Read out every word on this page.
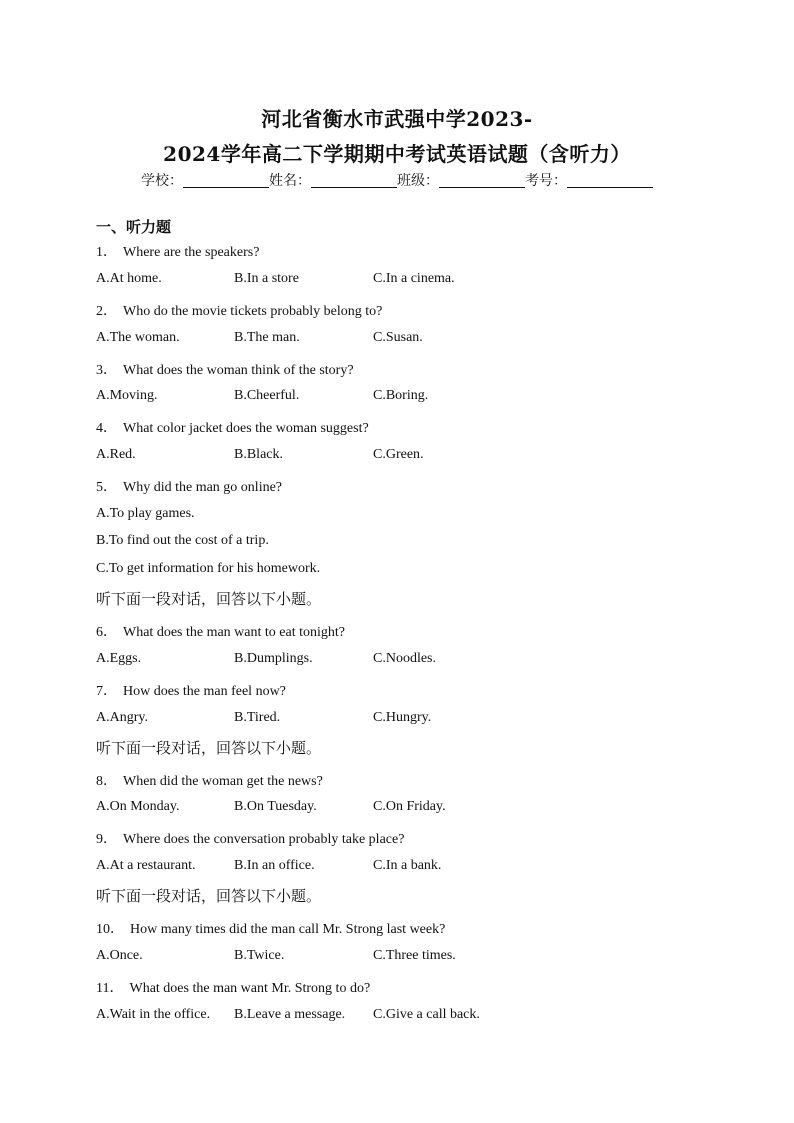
河北省衡水市武强中学2023-
2024学年高二下学期期中考试英语试题（含听力）
学校：	姓名：	班级：	考号：
一、听力题
1． Where are the speakers?
A.At home.	B.In a store	C.In a cinema.
2． Who do the movie tickets probably belong to?
A.The woman.	B.The man.	C.Susan.
3． What does the woman think of the story?
A.Moving.	B.Cheerful.	C.Boring.
4． What color jacket does the woman suggest?
A.Red.	B.Black.	C.Green.
5． Why did the man go online?
A.To play games.
B.To find out the cost of a trip.
C.To get information for his homework.
听下面一段对话，回答以下小题。
6． What does the man want to eat tonight?
A.Eggs.	B.Dumplings.	C.Noodles.
7． How does the man feel now?
A.Angry.	B.Tired.	C.Hungry.
听下面一段对话，回答以下小题。
8． When did the woman get the news?
A.On Monday.	B.On Tuesday.	C.On Friday.
9． Where does the conversation probably take place?
A.At a restaurant.	B.In an office.	C.In a bank.
听下面一段对话，回答以下小题。
10． How many times did the man call Mr. Strong last week?
A.Once.	B.Twice.	C.Three times.
11． What does the man want Mr. Strong to do?
A.Wait in the office. B.Leave a message. C.Give a call back.
